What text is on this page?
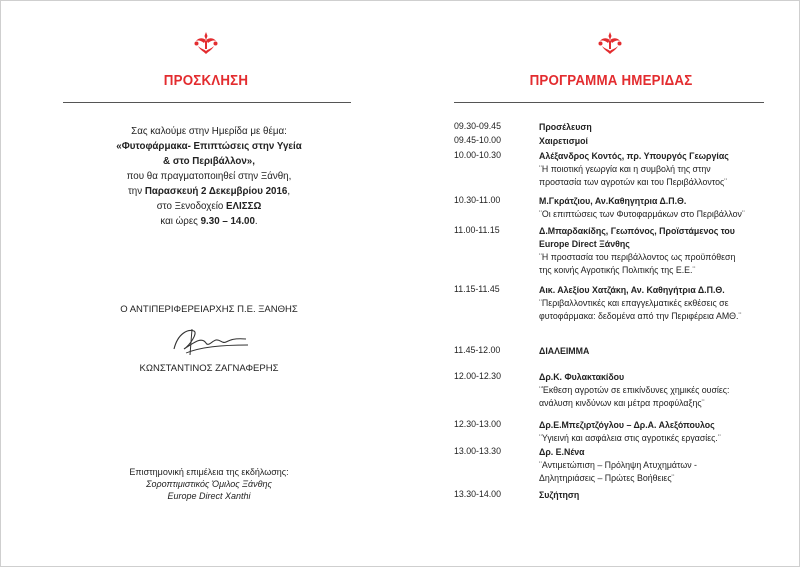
ΠΡΟΣΚΛΗΣΗ	ΠΡΟΓΡΑΜΜΑ ΗΜΕΡΙΔΑΣ
Σας καλούμε στην Ημερίδα με θέμα:
«Φυτοφάρμακα- Επιπτώσεις στην Υγεία
& στο Περιβάλλον»,
που θα πραγματοποιηθεί στην Ξάνθη,
την Παρασκευή 2 Δεκεμβρίου 2016,
στο Ξενοδοχείο ΕΛΙΣΣΩ
και ώρες 9.30 – 14.00.
Ο ΑΝΤΙΠΕΡΙΦΕΡΕΙΑΡΧΗΣ Π.Ε. ΞΑΝΘΗΣ
ΚΩΝΣΤΑΝΤΙΝΟΣ ΖΑΓΝΑΦΕΡΗΣ
Επιστημονική επιμέλεια της εκδήλωσης:
Σοροπτιμιστικός Όμιλος Ξάνθης
Europe Direct Xanthi
09.30-09.45	Προσέλευση
09.45-10.00	Χαιρετισμοί
10.00-10.30	Αλέξανδρος Κοντός, πρ. Υπουργός Γεωργίας
¨Η ποιοτική γεωργία και η συμβολή της στην
προστασία των αγροτών και του Περιβάλλοντος¨
10.30-11.00	Μ.Γκράτζιου, Αν.Καθηγητρια Δ.Π.Θ.
¨Οι επιπτώσεις των Φυτοφαρμάκων στο Περιβάλλον¨
11.00-11.15	Δ.Μπαρδακίδης, Γεωπόνος, Προϊστάμενος του
Europe Direct Ξάνθης
¨Η προστασία του περιβάλλοντος ως προϋπόθεση
της κοινής Αγροτικής Πολιτικής της Ε.Ε.¨
11.15-11.45	Αικ. Αλεξίου Χατζάκη, Αν. Καθηγήτρια Δ.Π.Θ.
¨Περιβαλλοντικές και επαγγελματικές εκθέσεις σε
φυτοφάρμακα: δεδομένα από την Περιφέρεια ΑΜΘ.¨
11.45-12.00	ΔΙΑΛΕΙΜΜΑ
12.00-12.30	Δρ.Κ. Φυλακτακίδου
¨Έκθεση αγροτών σε επικίνδυνες χημικές ουσίες:
ανάλυση κινδύνων και μέτρα προφύλαξης¨
12.30-13.00	Δρ.Ε.Μπεζιρτζόγλου – Δρ.Α. Αλεξόπουλος
¨Υγιεινή και ασφάλεια στις αγροτικές εργασίες.¨
13.00-13.30	Δρ. Ε.Νένα
¨Αντιμετώπιση – Πρόληψη Ατυχημάτων -
Δηλητηριάσεις – Πρώτες Βοήθειες¨
13.30-14.00	Συζήτηση
